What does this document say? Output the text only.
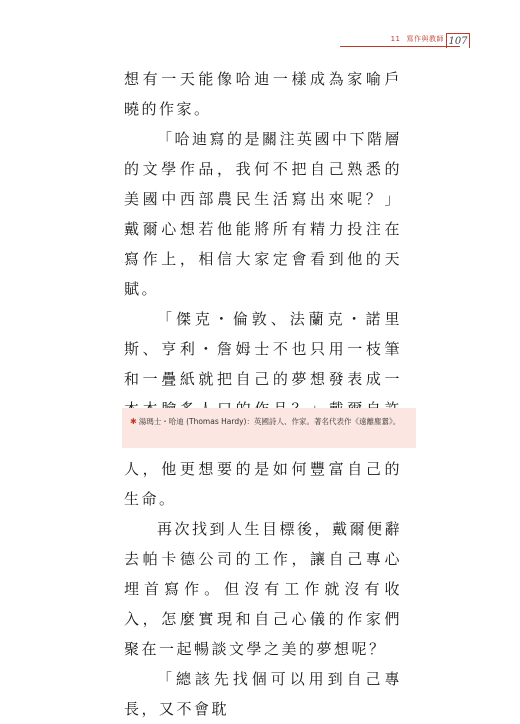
11 寫作與教師 107

想有一天能像哈迪一樣成為家喻戶曉的作家。

「哈迪寫的是關注英國中下階層的文學作品，我何不把自己熟悉的美國中西部農民生活寫出來呢？」戴爾心想若他能將所有精力投注在寫作上，相信大家定會看到他的天賦。

「傑克・倫敦、法蘭克・諾里斯、亨利・詹姆士不也只用一枝筆和一疊紙就把自己的夢想發表成一 人，他更想要的是如何豐富自己的生命。

再次找到人生目標後，戴爾便辭去帕卡德公司的工作，讓自己專心埋首寫作。但沒有工作就沒有收入，怎麼實現和自己心儀的作家們聚在一起暢談文學之美的夢想呢？

「總該先找個可以用到自己專長，又不會耽

✱ 湯瑪士・哈迪 (Thomas Hardy)：英國詩人、作家。著名代表作《遠離塵囂》。
